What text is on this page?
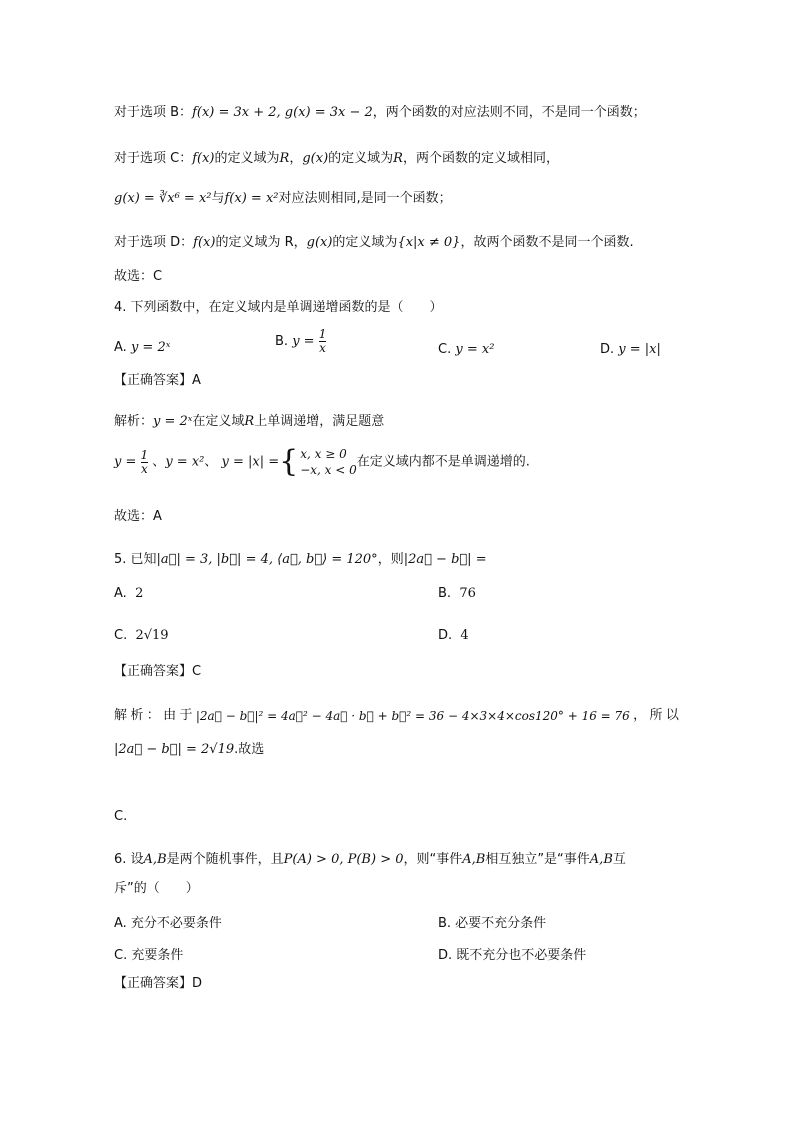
对于选项 B：f(x) = 3x + 2, g(x) = 3x − 2，两个函数的对应法则不同，不是同一个函数；
对于选项 C：f(x)的定义域为R，g(x)的定义域为R，两个函数的定义域相同，
g(x) = ∛x⁶ = x²与f(x) = x²对应法则相同,是同一个函数；
对于选项 D：f(x)的定义域为 R，g(x)的定义域为{x|x ≠ 0}，故两个函数不是同一个函数.
故选：C
4. 下列函数中，在定义域内是单调递增函数的是（　　）
A. y = 2ˣ	B. $y = \frac{1}{x}$	C. y = x²	D. y = |x|
【正确答案】A
解析：y = 2ˣ在定义域R上单调递增，满足题意
$y = \frac{1}{x}$ 、y = x²、 y = |x| ={ x, x ≥ 0
−x, x < 0在定义域内都不是单调递增的.
故选：A
5. 已知|a⃗| = 3, |b⃗| = 4, ⟨a⃗, b⃗⟩ = 120°，则|2a⃗ − b⃗| =
A. 2	B. 76
C. 2√19	D. 4
【正确答案】C
解 析 ： 由 于 |2a⃗ − b⃗|² = 4a⃗² − 4a⃗ · b⃗ + b⃗² = 36 − 4×3×4×cos120° + 16 = 76 ， 所 以
|2a⃗ − b⃗| = 2√19.故选
C.
6. 设A,B是两个随机事件，且P(A) > 0, P(B) > 0，则“事件A,B相互独立”是“事件A,B互
斥”的（　　）
A. 充分不必要条件	B. 必要不充分条件
C. 充要条件	D. 既不充分也不必要条件
【正确答案】D
